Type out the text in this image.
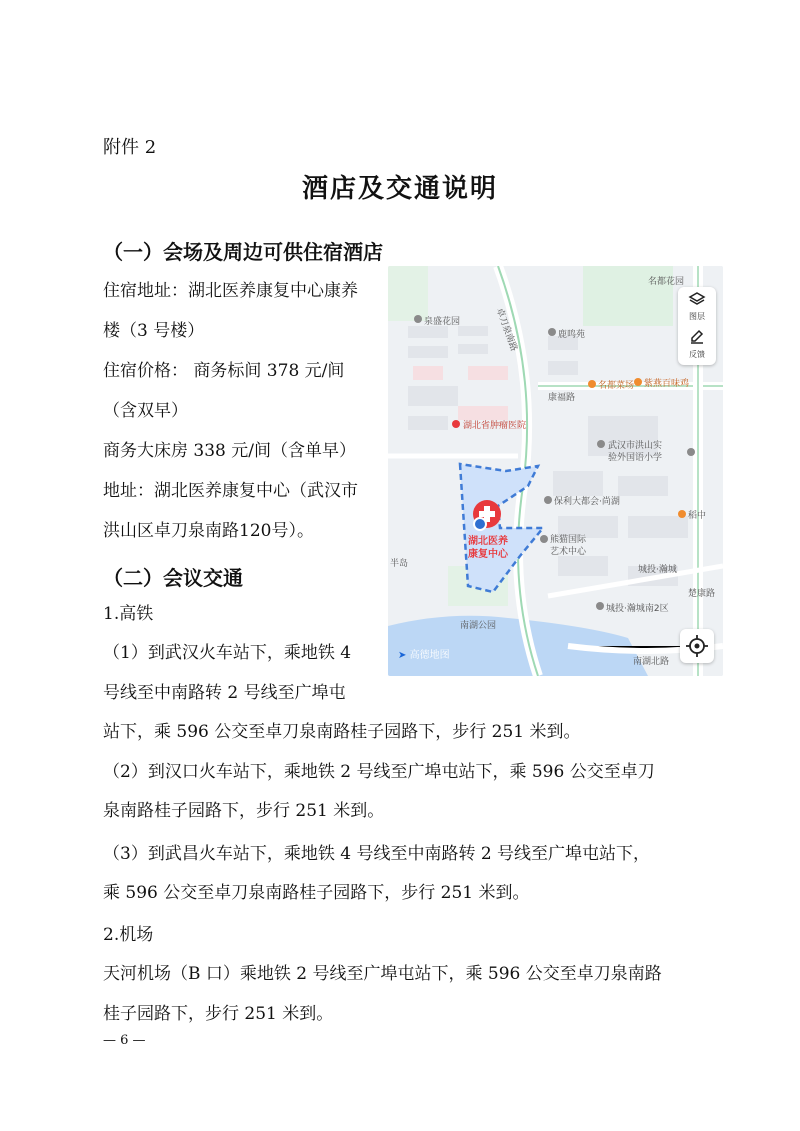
附件 2
酒店及交通说明
（一）会场及周边可供住宿酒店
住宿地址：湖北医养康复中心康养
楼（3 号楼）
住宿价格： 商务标间 378 元/间
（含双早）
商务大床房 338 元/间（含单早）
地址：湖北医养康复中心（武汉市
洪山区卓刀泉南路120号）。
（二）会议交通
1.高铁
（1）到武汉火车站下，乘地铁 4
号线至中南路转 2 号线至广埠屯
站下，乘 596 公交至卓刀泉南路桂子园路下，步行 251 米到。
（2）到汉口火车站下，乘地铁 2 号线至广埠屯站下，乘 596 公交至卓刀
泉南路桂子园路下，步行 251 米到。
（3）到武昌火车站下，乘地铁 4 号线至中南路转 2 号线至广埠屯站下，
乘 596 公交至卓刀泉南路桂子园路下，步行 251 米到。
2.机场
天河机场（B 口）乘地铁 2 号线至广埠屯站下，乘 596 公交至卓刀泉南路
桂子园路下，步行 251 米到。
名都花园
泉盛花园	卓刀泉南路	鹿鸣苑
名都菜场 紫燕百味鸡
康福路
湖北省肿瘤医院
武汉市洪山实
验外国语小学
保利大都会·尚湖
湖北医养
康复中心
熊猫国际
艺术中心
城投·瀚城
城投·瀚城南2区
南湖公园
南湖北路
半岛
稻中
楚康路
图层
反馈
➤ 高德地图
— 6 —
